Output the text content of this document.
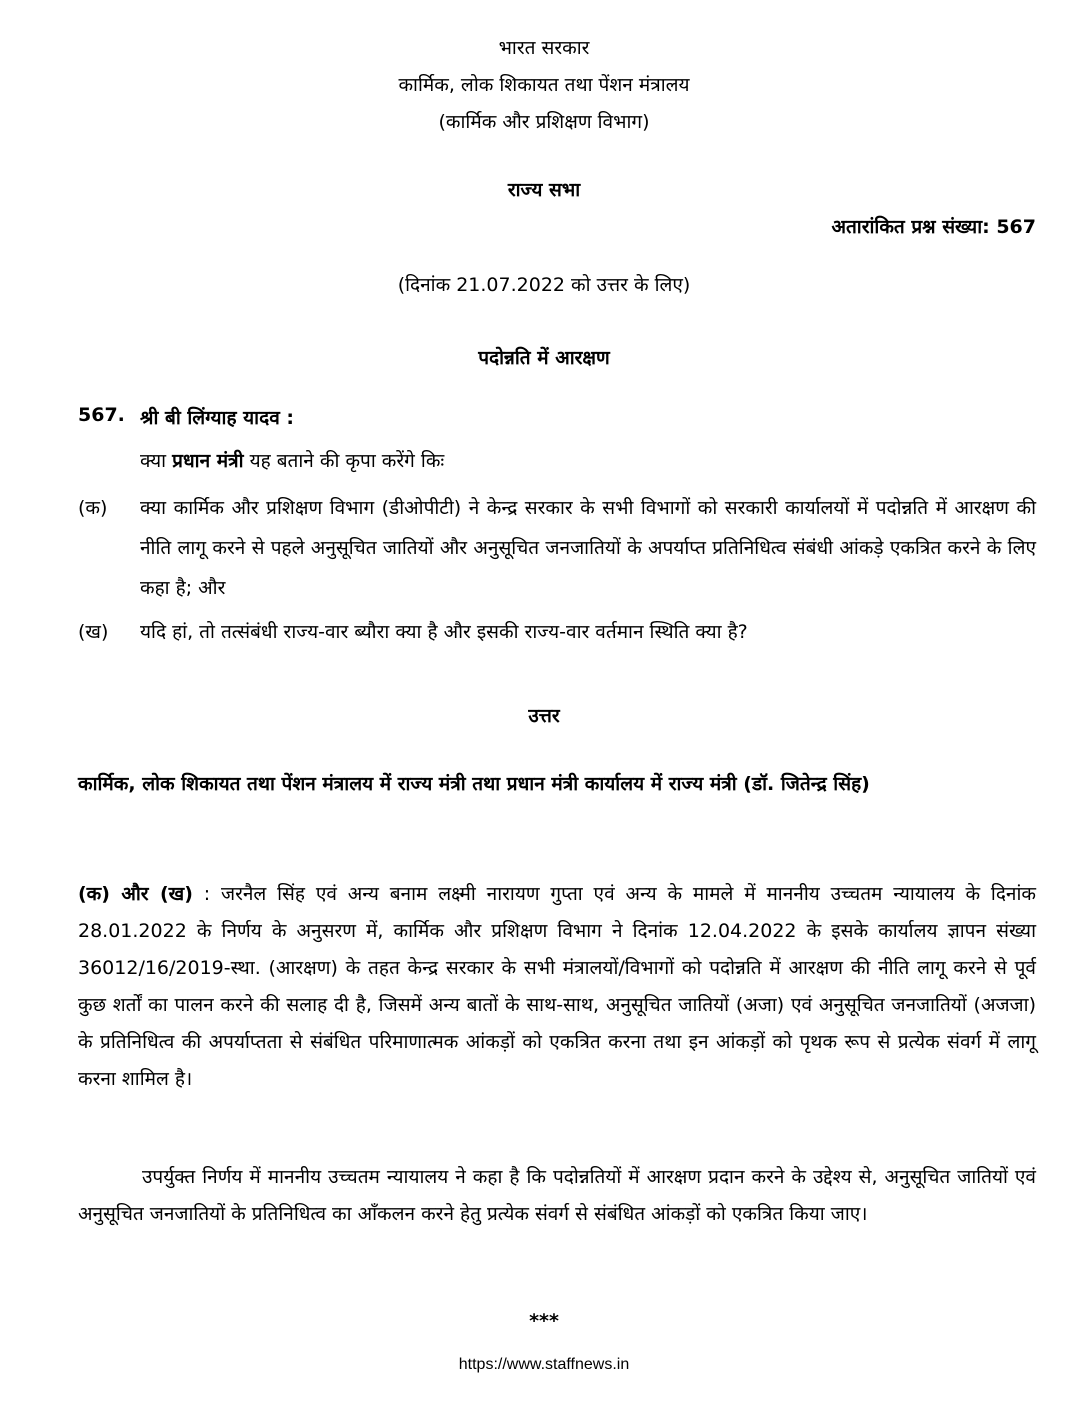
भारत सरकार
कार्मिक, लोक शिकायत तथा पेंशन मंत्रालय
(कार्मिक और प्रशिक्षण विभाग)
राज्य सभा
अतारांकित प्रश्न संख्या: 567
(दिनांक 21.07.2022 को उत्तर के लिए)
पदोन्नति में आरक्षण
567. श्री बी लिंग्याह यादव :
क्या प्रधान मंत्री यह बताने की कृपा करेंगे किः
(क) क्या कार्मिक और प्रशिक्षण विभाग (डीओपीटी) ने केन्द्र सरकार के सभी विभागों को सरकारी कार्यालयों में पदोन्नति में आरक्षण की नीति लागू करने से पहले अनुसूचित जातियों और अनुसूचित जनजातियों के अपर्याप्त प्रतिनिधित्व संबंधी आंकड़े एकत्रित करने के लिए कहा है; और
(ख) यदि हां, तो तत्संबंधी राज्य-वार ब्यौरा क्या है और इसकी राज्य-वार वर्तमान स्थिति क्या है?
उत्तर
कार्मिक, लोक शिकायत तथा पेंशन मंत्रालय में राज्य मंत्री तथा प्रधान मंत्री कार्यालय में राज्य मंत्री (डॉ. जितेन्द्र सिंह)
(क) और (ख) : जरनैल सिंह एवं अन्य बनाम लक्ष्मी नारायण गुप्ता एवं अन्य के मामले में माननीय उच्चतम न्यायालय के दिनांक 28.01.2022 के निर्णय के अनुसरण में, कार्मिक और प्रशिक्षण विभाग ने दिनांक 12.04.2022 के इसके कार्यालय ज्ञापन संख्या 36012/16/2019-स्था. (आरक्षण) के तहत केन्द्र सरकार के सभी मंत्रालयों/विभागों को पदोन्नति में आरक्षण की नीति लागू करने से पूर्व कुछ शर्तों का पालन करने की सलाह दी है, जिसमें अन्य बातों के साथ-साथ, अनुसूचित जातियों (अजा) एवं अनुसूचित जनजातियों (अजजा) के प्रतिनिधित्व की अपर्याप्तता से संबंधित परिमाणात्मक आंकड़ों को एकत्रित करना तथा इन आंकड़ों को पृथक रूप से प्रत्येक संवर्ग में लागू करना शामिल है।
उपर्युक्त निर्णय में माननीय उच्चतम न्यायालय ने कहा है कि पदोन्नतियों में आरक्षण प्रदान करने के उद्देश्य से, अनुसूचित जातियों एवं अनुसूचित जनजातियों के प्रतिनिधित्व का आँकलन करने हेतु प्रत्येक संवर्ग से संबंधित आंकड़ों को एकत्रित किया जाए।
***
https://www.staffnews.in
